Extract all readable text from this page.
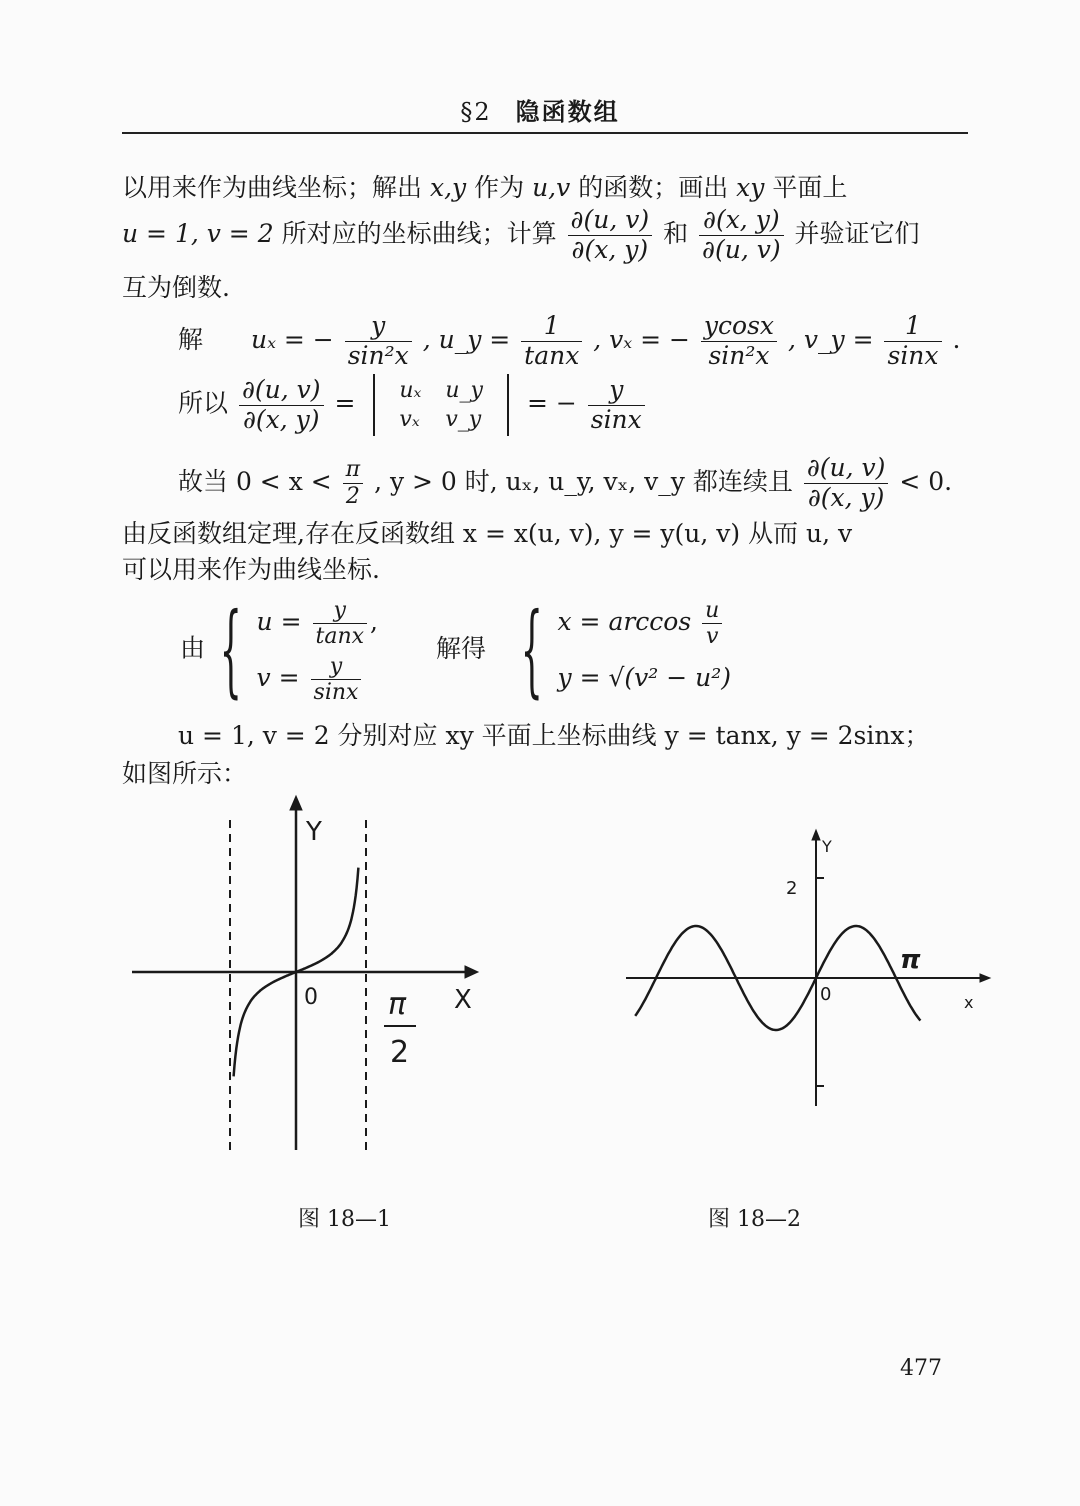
§2 隐函数组
以用来作为曲线坐标；解出 x,y 作为 u,v 的函数；画出 xy 平面上
u = 1, v = 2 所对应的坐标曲线；计算 $\frac{\partial(u, v)}{\partial(x, y)}$ 和 $\frac{\partial(x, y)}{\partial(u, v)}$ 并验证它们
互为倒数.
解 uₓ = − $\frac{y}{\text{sin²x}}$ , u_y = $\frac{1}{\tan x}$ , vₓ = − $\frac{ycosx}{\text{sin²x}}$ , v_y = $\frac{1}{\sin x}$ .
所以 $\frac{\partial(u, v)}{\partial(x, y)} = u_x$	u_y
vₓ	v_y
= − $\frac{y}{\sin x}$
故当 $0 < x < \frac{\pi}{2}$ , y > 0 时, uₓ, u_y, vₓ, v_y 都连续且 $\frac{\partial(u, v)}{\partial(x, y)} < 0$.
由反函数组定理,存在反函数组 x = x(u, v), y = y(u, v) 从而 u, v
可以用来作为曲线坐标.
由 { $u = \frac{y}{\tan x}$ ,
$v = \frac{y}{\sin x}$
解得 { $x = \arccos \frac{u}{v}$
y = √(v² − u²)
u = 1, v = 2 分别对应 xy 平面上坐标曲线 y = tanx, y = 2sinx；
如图所示：
Y
0	X
π
2
图 18—1
Y
2
0
π
x
图 18—2
477
